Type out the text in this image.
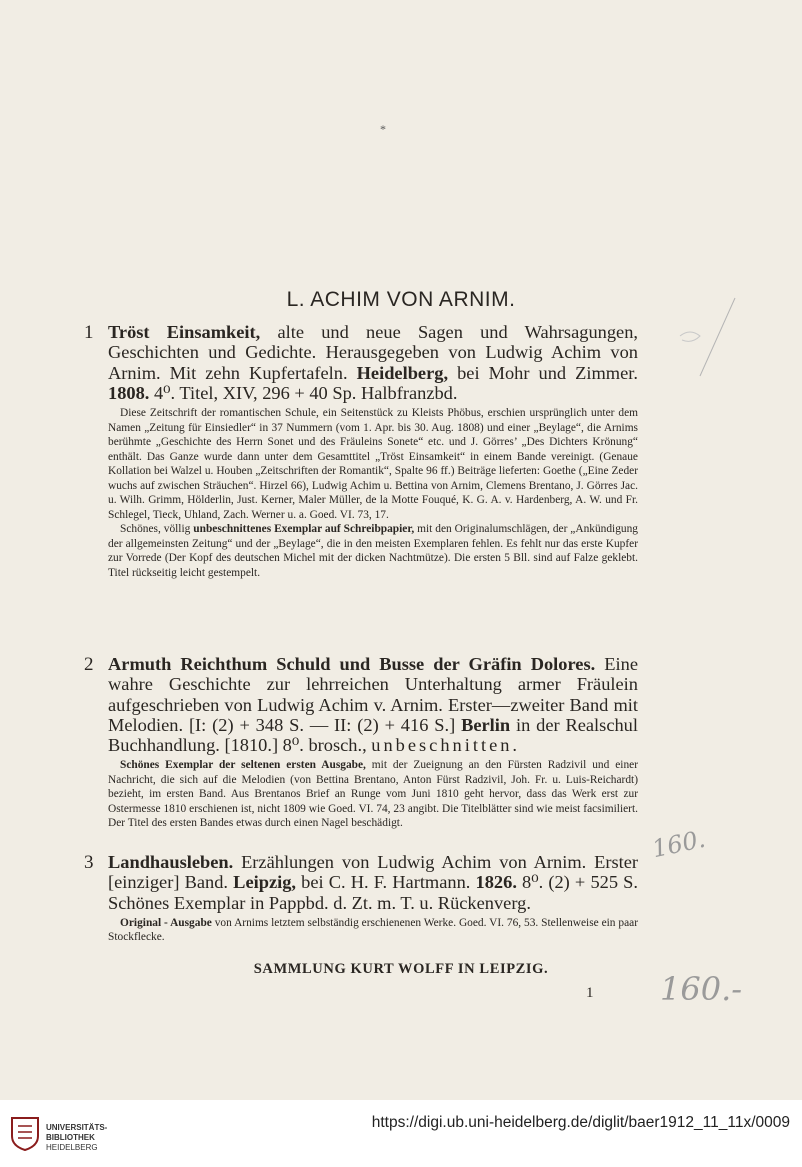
*
L. ACHIM VON ARNIM.
1 Tröst Einsamkeit, alte und neue Sagen und Wahrsagungen, Geschichten und Gedichte. Herausgegeben von Ludwig Achim von Arnim. Mit zehn Kupfertafeln. Heidelberg, bei Mohr und Zimmer. 1808. 4⁰. Titel, XIV, 296 + 40 Sp. Halbfranzbd.
Diese Zeitschrift der romantischen Schule, ein Seitenstück zu Kleists Phöbus, erschien ursprünglich unter dem Namen „Zeitung für Einsiedler“ in 37 Nummern (vom 1. Apr. bis 30. Aug. 1808) und einer „Beylage“, die Arnims berühmte „Geschichte des Herrn Sonet und des Fräuleins Sonete“ etc. und J. Görres’ „Des Dichters Krönung“ enthält. Das Ganze wurde dann unter dem Gesamttitel „Tröst Einsamkeit“ in einem Bande vereinigt. (Genaue Kollation bei Walzel u. Houben „Zeitschriften der Romantik“, Spalte 96 ff.) Beiträge lieferten: Goethe („Eine Zeder wuchs auf zwischen Sträuchen“. Hirzel 66), Ludwig Achim u. Bettina von Arnim, Clemens Brentano, J. Görres Jac. u. Wilh. Grimm, Hölderlin, Just. Kerner, Maler Müller, de la Motte Fouqué, K. G. A. v. Hardenberg, A. W. und Fr. Schlegel, Tieck, Uhland, Zach. Werner u. a. Goed. VI. 73, 17.
Schönes, völlig unbeschnittenes Exemplar auf Schreibpapier, mit den Originalumschlägen, der „Ankündigung der allgemeinsten Zeitung“ und der „Beylage“, die in den meisten Exemplaren fehlen. Es fehlt nur das erste Kupfer zur Vorrede (Der Kopf des deutschen Michel mit der dicken Nachtmütze). Die ersten 5 Bll. sind auf Falze geklebt. Titel rückseitig leicht gestempelt.
2 Armuth Reichthum Schuld und Busse der Gräfin Dolores. Eine wahre Geschichte zur lehrreichen Unterhaltung armer Fräulein aufgeschrieben von Ludwig Achim v. Arnim. Erster—zweiter Band mit Melodien. [I: (2) + 348 S. — II: (2) + 416 S.] Berlin in der Realschul Buchhandlung. [1810.] 8⁰. brosch., unbeschnitten.
Schönes Exemplar der seltenen ersten Ausgabe, mit der Zueignung an den Fürsten Radzivil und einer Nachricht, die sich auf die Melodien (von Bettina Brentano, Anton Fürst Radzivil, Joh. Fr. u. Luis-Reichardt) bezieht, im ersten Band. Aus Brentanos Brief an Runge vom Juni 1810 geht hervor, dass das Werk erst zur Ostermesse 1810 erschienen ist, nicht 1809 wie Goed. VI. 74, 23 angibt. Die Titelblätter sind wie meist facsimiliert. Der Titel des ersten Bandes etwas durch einen Nagel beschädigt.
3 Landhausleben. Erzählungen von Ludwig Achim von Arnim. Erster [einziger] Band. Leipzig, bei C. H. F. Hartmann. 1826. 8⁰. (2) + 525 S. Schönes Exemplar in Pappbd. d. Zt. m. T. u. Rückenverg.
Original - Ausgabe von Arnims letztem selbständig erschienenen Werke. Goed. VI. 76, 53. Stellenweise ein paar Stockflecke.
SAMMLUNG KURT WOLFF IN LEIPZIG.
1
160.
160.-
UNIVERSITÄTS-
BIBLIOTHEK
HEIDELBERG
https://digi.ub.uni-heidelberg.de/diglit/baer1912_11_11x/0009
